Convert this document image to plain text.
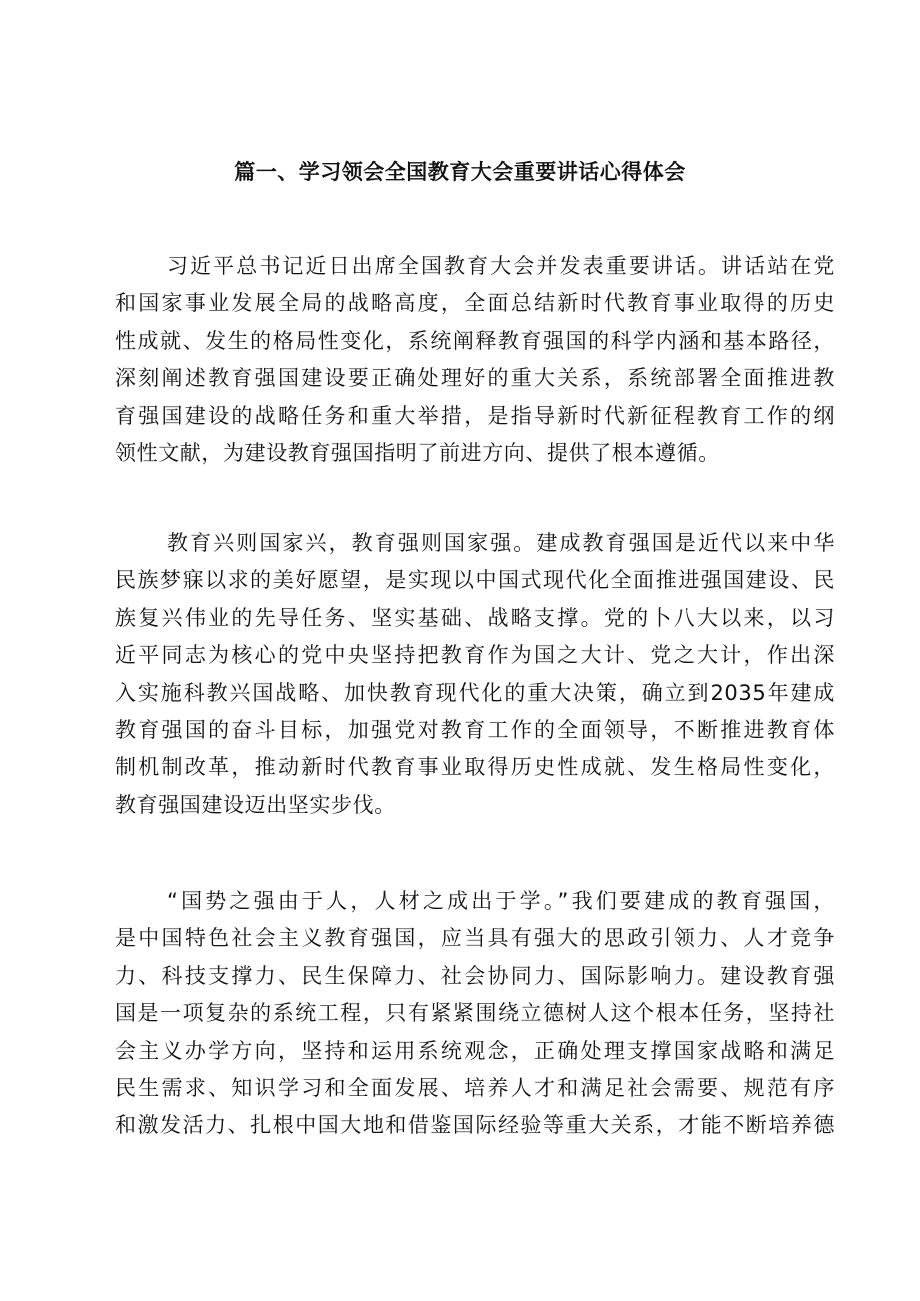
篇一、学习领会全国教育大会重要讲话心得体会
习近平总书记近日出席全国教育大会并发表重要讲话。讲话站在党
和国家事业发展全局的战略高度，全面总结新时代教育事业取得的历史
性成就、发生的格局性变化，系统阐释教育强国的科学内涵和基本路径，
深刻阐述教育强国建设要正确处理好的重大关系，系统部署全面推进教
育强国建设的战略任务和重大举措，是指导新时代新征程教育工作的纲
领性文献，为建设教育强国指明了前进方向、提供了根本遵循。
教育兴则国家兴，教育强则国家强。建成教育强国是近代以来中华
民族梦寐以求的美好愿望，是实现以中国式现代化全面推进强国建设、民
族复兴伟业的先导任务、坚实基础、战略支撑。党的卜八大以来，以习
近平同志为核心的党中央坚持把教育作为国之大计、党之大计，作出深
入实施科教兴国战略、加快教育现代化的重大决策，确立到2035年建成
教育强国的奋斗目标，加强党对教育工作的全面领导，不断推进教育体
制机制改革，推动新时代教育事业取得历史性成就、发生格局性变化，
教育强国建设迈出坚实步伐。
“国势之强由于人，人材之成出于学。”我们要建成的教育强国，
是中国特色社会主义教育强国，应当具有强大的思政引领力、人才竞争
力、科技支撑力、民生保障力、社会协同力、国际影响力。建设教育强
国是一项复杂的系统工程，只有紧紧围绕立德树人这个根本任务，坚持社
会主义办学方向，坚持和运用系统观念，正确处理支撑国家战略和满足
民生需求、知识学习和全面发展、培养人才和满足社会需要、规范有序
和激发活力、扎根中国大地和借鉴国际经验等重大关系，才能不断培养德
